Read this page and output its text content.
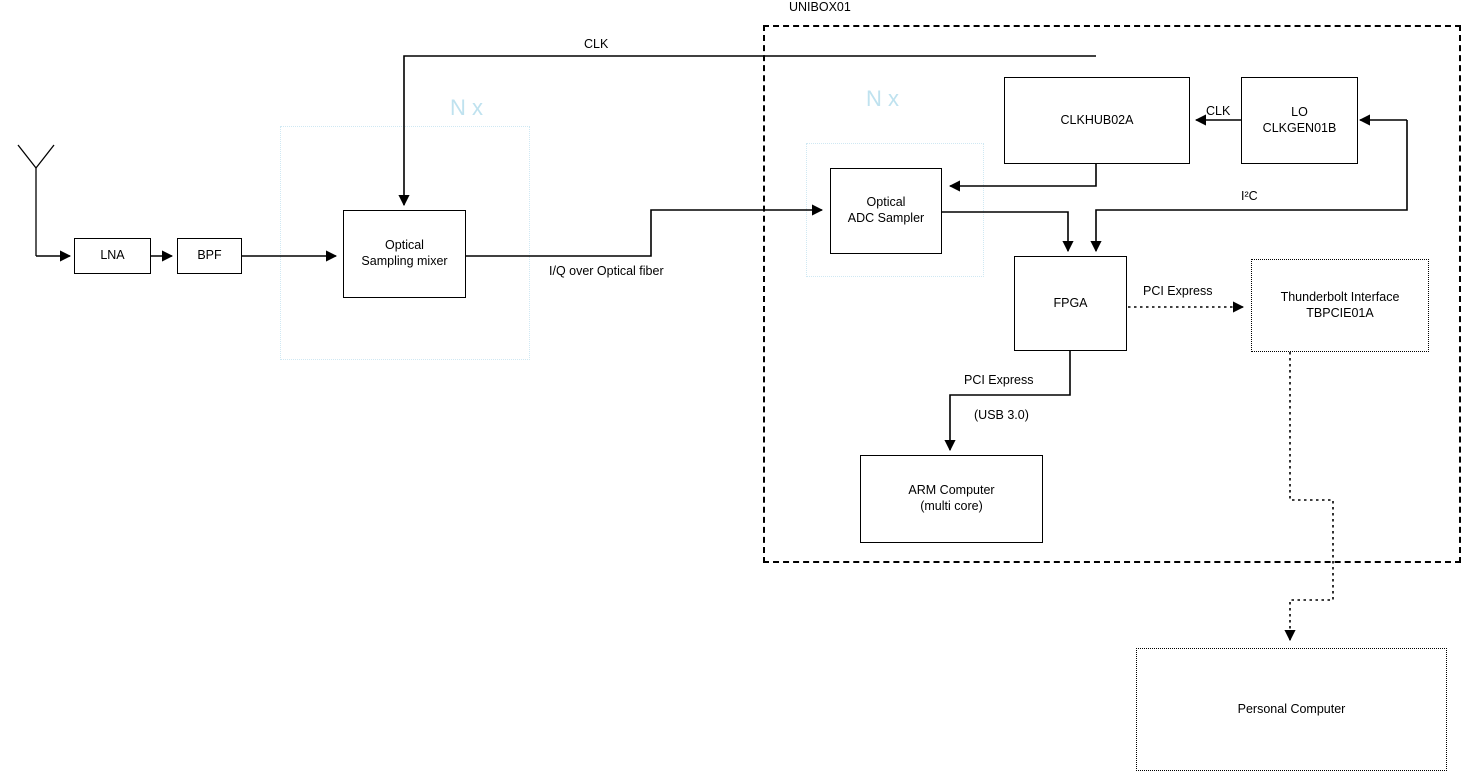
UNIBOX01
N x	N x
LNA	BPF
Optical
Sampling mixer
Optical
ADC Sampler
CLKHUB02A
LO
CLKGEN01B
FPGA	Thunderbolt Interface
TBPCIE01A
ARM Computer
(multi core)
Personal Computer
CLK
CLK
I²C
I/Q over Optical fiber
PCI Express
PCI Express
(USB 3.0)
